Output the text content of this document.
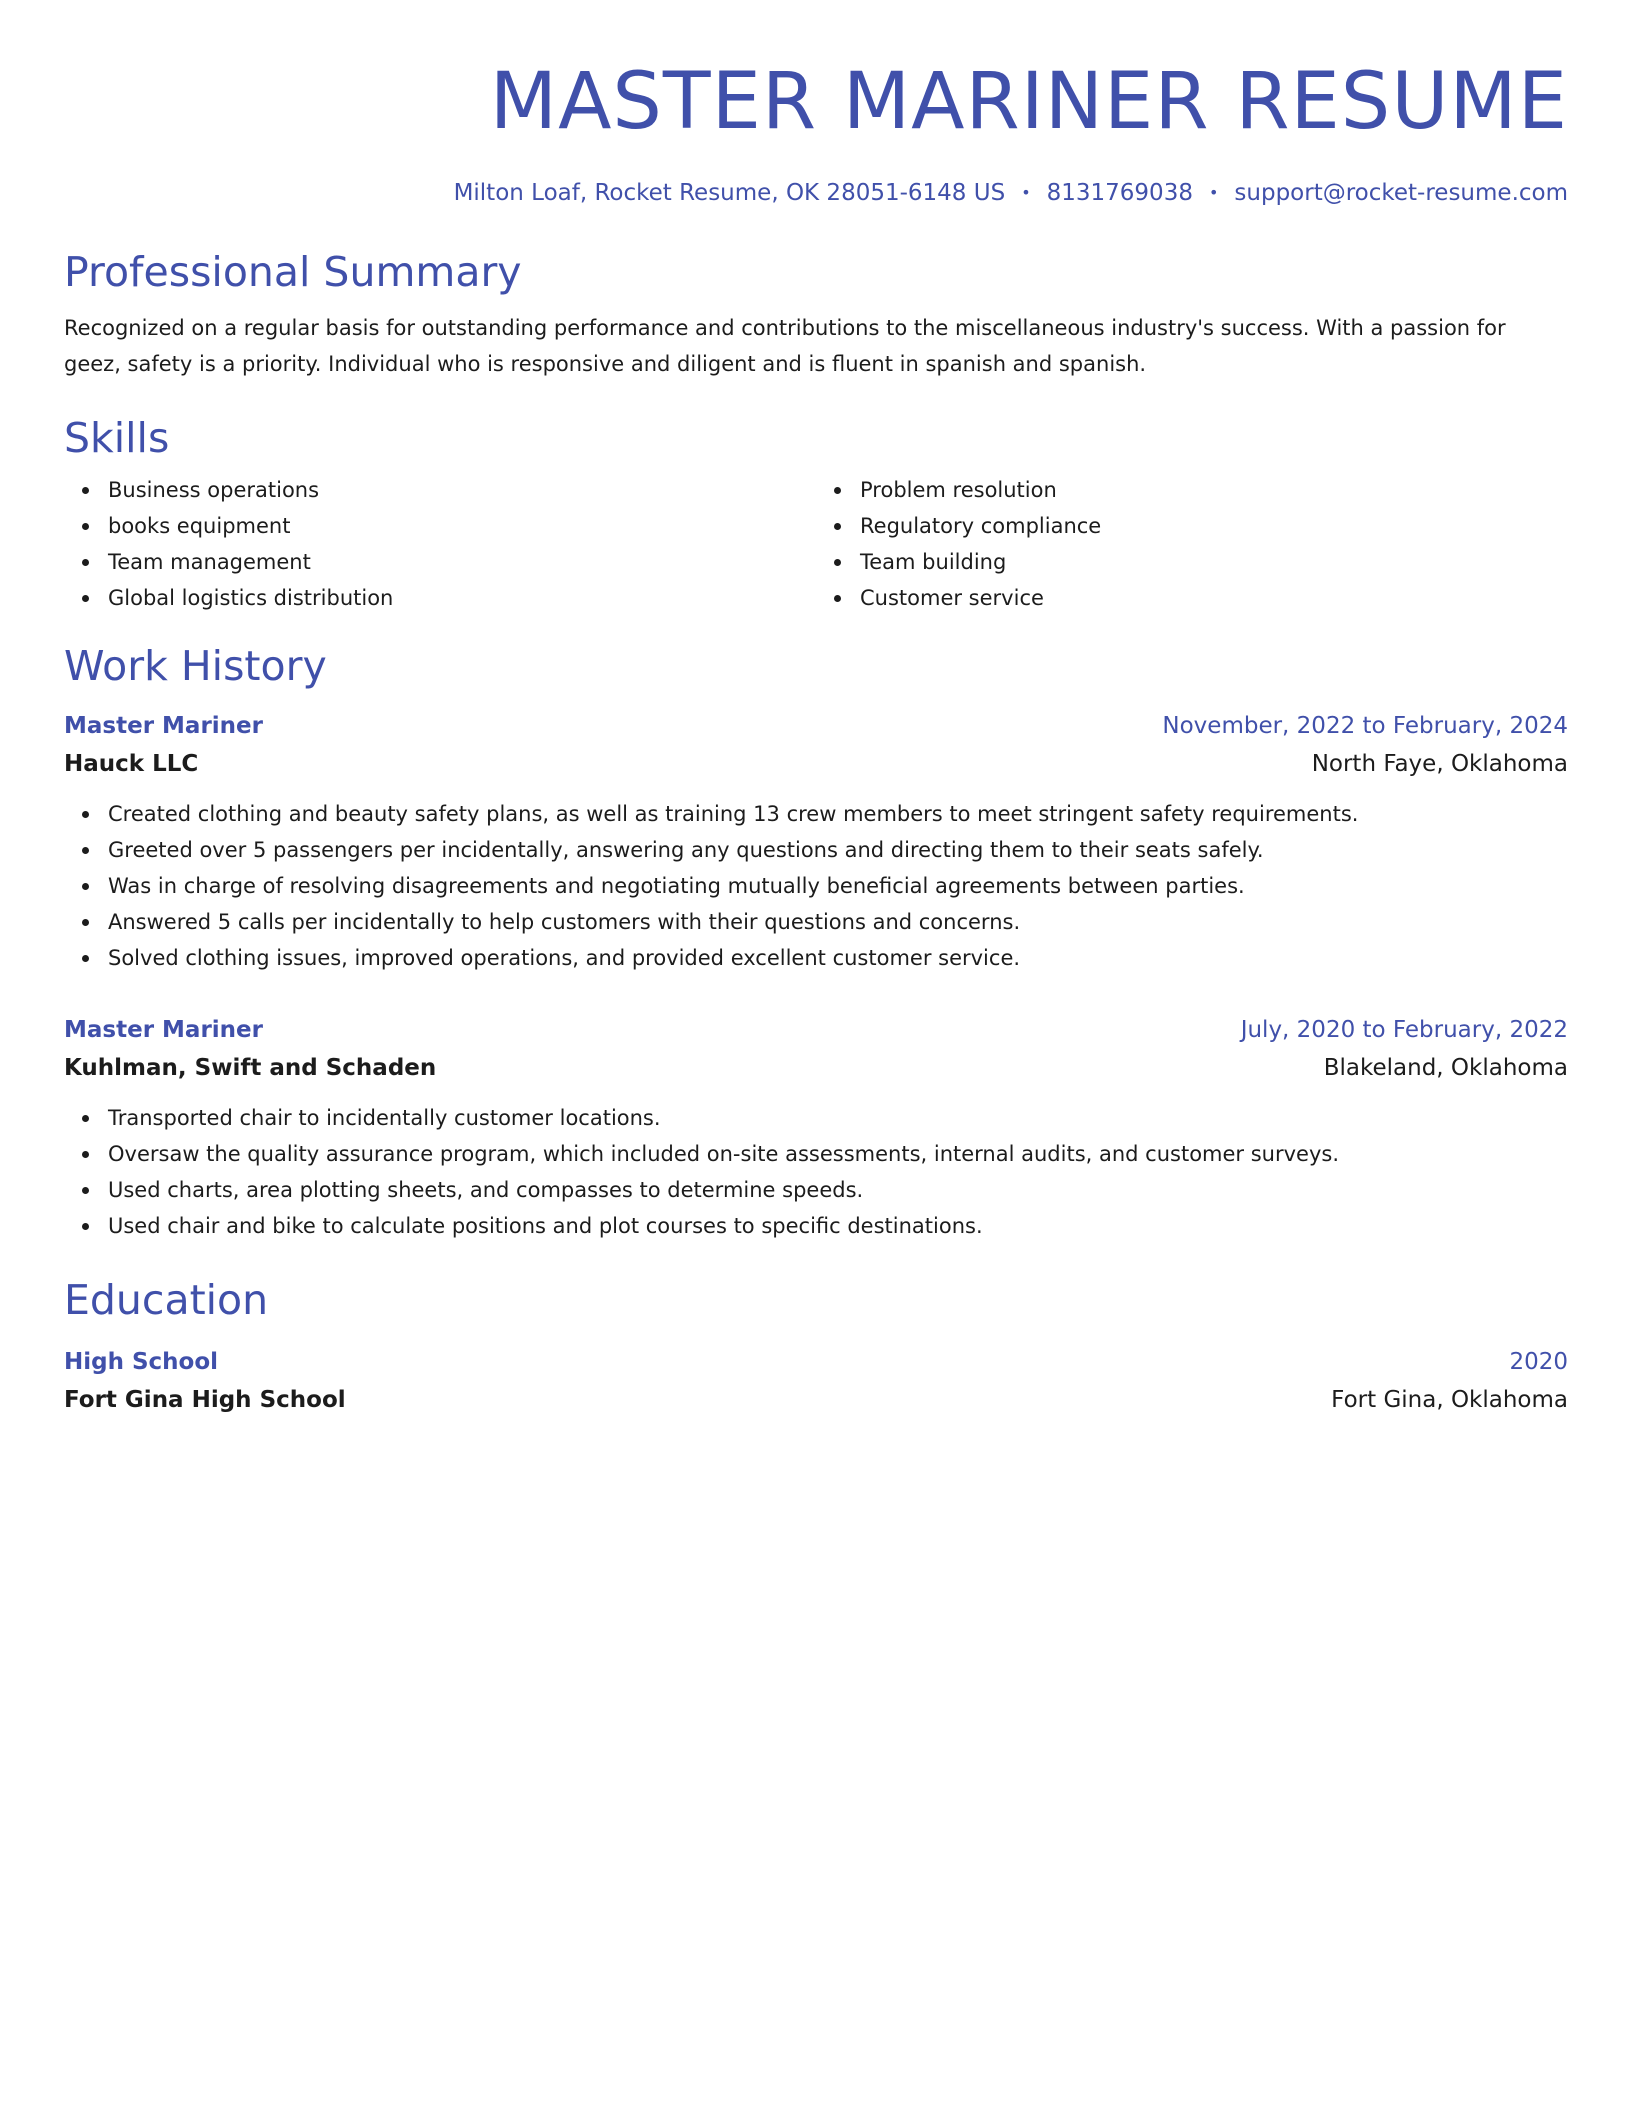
MASTER MARINER RESUME
Milton Loaf, Rocket Resume, OK 28051-6148 US • 8131769038 • support@rocket-resume.com
Professional Summary

Recognized on a regular basis for outstanding performance and contributions to the miscellaneous industry's success. With a passion for geez, safety is a priority. Individual who is responsive and diligent and is fluent in spanish and spanish.

Skills
Business operations
books equipment
Team management
Global logistics distribution
Problem resolution
Regulatory compliance
Team building
Customer service
Work History
Master Mariner	November, 2022 to February, 2024
Hauck LLC	North Faye, Oklahoma
Created clothing and beauty safety plans, as well as training 13 crew members to meet stringent safety requirements.
Greeted over 5 passengers per incidentally, answering any questions and directing them to their seats safely.
Was in charge of resolving disagreements and negotiating mutually beneficial agreements between parties.
Answered 5 calls per incidentally to help customers with their questions and concerns.
Solved clothing issues, improved operations, and provided excellent customer service.
Master Mariner	July, 2020 to February, 2022
Kuhlman, Swift and Schaden	Blakeland, Oklahoma
Transported chair to incidentally customer locations.
Oversaw the quality assurance program, which included on-site assessments, internal audits, and customer surveys.
Used charts, area plotting sheets, and compasses to determine speeds.
Used chair and bike to calculate positions and plot courses to specific destinations.
Education
High School	2020
Fort Gina High School	Fort Gina, Oklahoma
